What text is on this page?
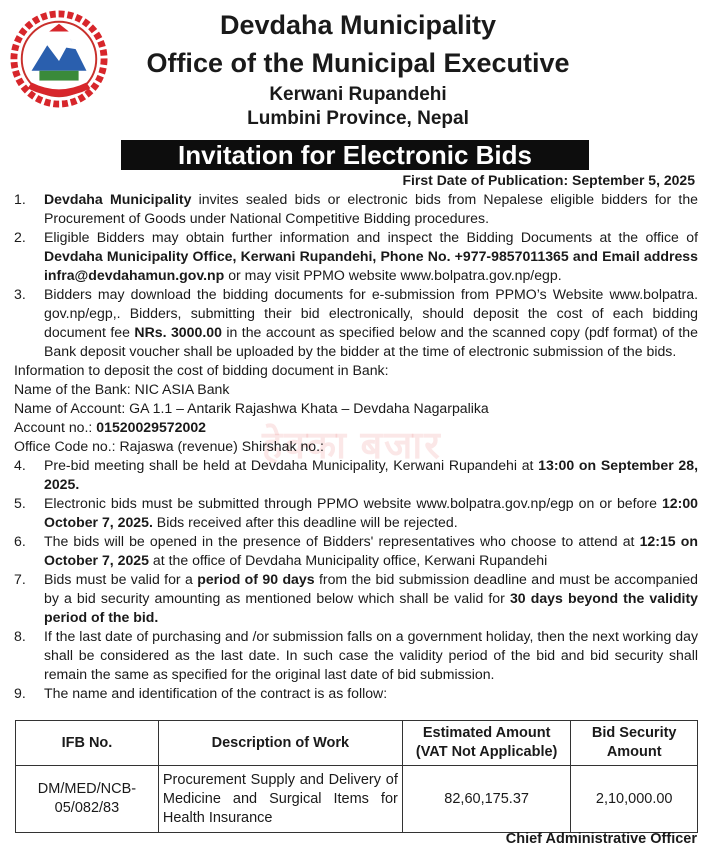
Devdaha Municipality
Office of the Municipal Executive
Kerwani Rupandehi
Lumbini Province, Nepal
Invitation for Electronic Bids
First Date of Publication: September 5, 2025
हेक्का बजार
1.	Devdaha Municipality invites sealed bids or electronic bids from Nepalese eligible bidders for the Procurement of Goods under National Competitive Bidding procedures.
2.	Eligible Bidders may obtain further information and inspect the Bidding Documents at the office of Devdaha Municipality Office, Kerwani Rupandehi, Phone No. +977-9857011365 and Email address infra@devdahamun.gov.np or may visit PPMO website www.bolpatra.gov.np/egp.
3.	Bidders may download the bidding documents for e-submission from PPMO’s Website www.bolpatra. gov.np/egp,. Bidders, submitting their bid electronically, should deposit the cost of each bidding document fee NRs. 3000.00 in the account as specified below and the scanned copy (pdf format) of the Bank deposit voucher shall be uploaded by the bidder at the time of electronic submission of the bids.
Information to deposit the cost of bidding document in Bank:
Name of the Bank: NIC ASIA Bank
Name of Account: GA 1.1 – Antarik Rajashwa Khata – Devdaha Nagarpalika
Account no.: 01520029572002
Office Code no.: Rajaswa (revenue) Shirshak no.:
4.	Pre-bid meeting shall be held at Devdaha Municipality, Kerwani Rupandehi at 13:00 on September 28, 2025.
5.	Electronic bids must be submitted through PPMO website www.bolpatra.gov.np/egp on or before 12:00 October 7, 2025. Bids received after this deadline will be rejected.
6.	The bids will be opened in the presence of Bidders' representatives who choose to attend at 12:15 on October 7, 2025 at the office of Devdaha Municipality office, Kerwani Rupandehi
7.	Bids must be valid for a period of 90 days from the bid submission deadline and must be accompanied by a bid security amounting as mentioned below which shall be valid for 30 days beyond the validity period of the bid.
8.	If the last date of purchasing and /or submission falls on a government holiday, then the next working day shall be considered as the last date. In such case the validity period of the bid and bid security shall remain the same as specified for the original last date of bid submission.
9.	The name and identification of the contract is as follow:
IFB No.	Description of Work	Estimated Amount (VAT Not Applicable)	Bid Security Amount
DM/MED/NCB-05/082/83	Procurement Supply and Delivery of Medicine and Surgical Items for Health Insurance	82,60,175.37	2,10,000.00
Chief Administrative Officer
